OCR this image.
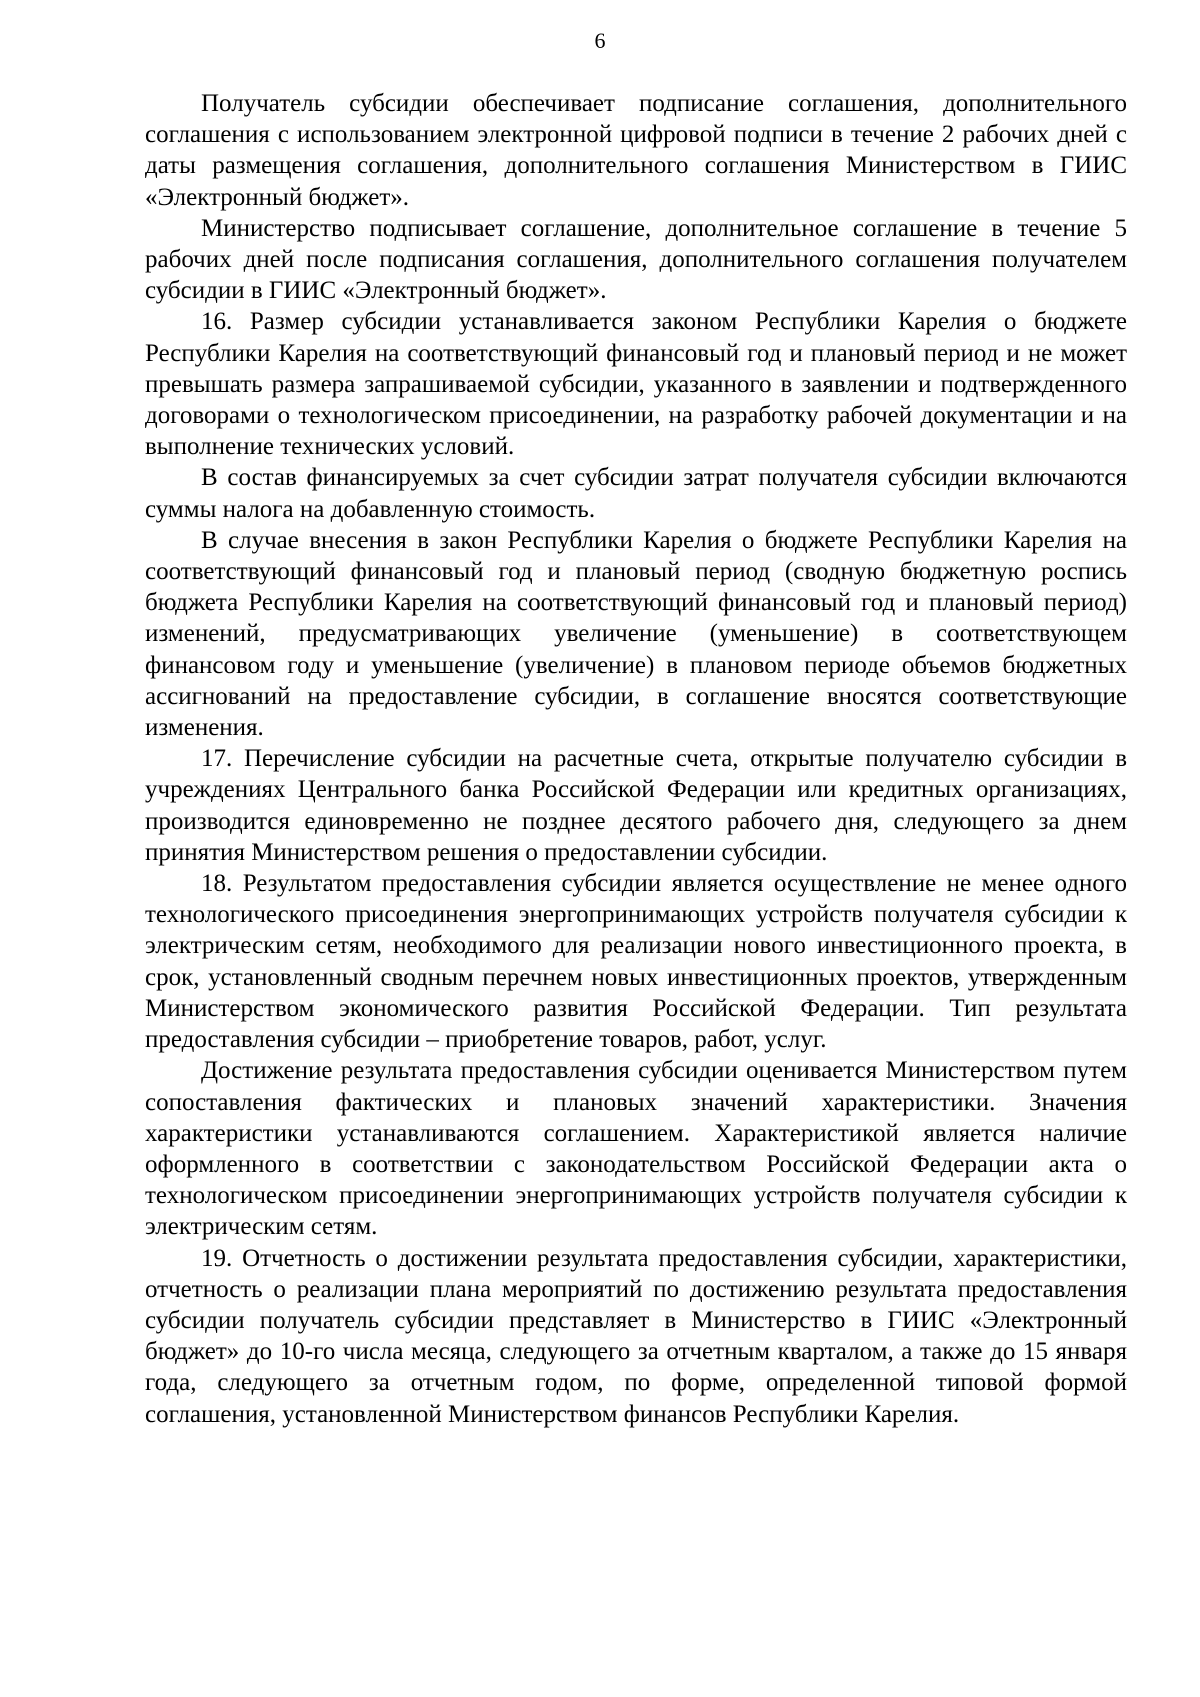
6

Получатель субсидии обеспечивает подписание соглашения, дополнительного соглашения с использованием электронной цифровой подписи в течение 2 рабочих дней с даты размещения соглашения, дополнительного соглашения Министерством в ГИИС «Электронный бюджет».

Министерство подписывает соглашение, дополнительное соглашение в течение 5 рабочих дней после подписания соглашения, дополнительного соглашения получателем субсидии в ГИИС «Электронный бюджет».

16. Размер субсидии устанавливается законом Республики Карелия о бюджете Республики Карелия на соответствующий финансовый год и плановый период и не может превышать размера запрашиваемой субсидии, указанного в заявлении и подтвержденного договорами о технологическом присоединении, на разработку рабочей документации и на выполнение технических условий.

В состав финансируемых за счет субсидии затрат получателя субсидии включаются суммы налога на добавленную стоимость.

В случае внесения в закон Республики Карелия о бюджете Республики Карелия на соответствующий финансовый год и плановый период (сводную бюджетную роспись бюджета Республики Карелия на соответствующий финансовый год и плановый период) изменений, предусматривающих увеличение (уменьшение) в соответствующем финансовом году и уменьшение (увеличение) в плановом периоде объемов бюджетных ассигнований на предоставление субсидии, в соглашение вносятся соответствующие изменения.

17. Перечисление субсидии на расчетные счета, открытые получателю субсидии в учреждениях Центрального банка Российской Федерации или кредитных организациях, производится единовременно не позднее десятого рабочего дня, следующего за днем принятия Министерством решения о предоставлении субсидии.

18. Результатом предоставления субсидии является осуществление не менее одного технологического присоединения энергопринимающих устройств получателя субсидии к электрическим сетям, необходимого для реализации нового инвестиционного проекта, в срок, установленный сводным перечнем новых инвестиционных проектов, утвержденным Министерством экономического развития Российской Федерации. Тип результата предоставления субсидии – приобретение товаров, работ, услуг.

Достижение результата предоставления субсидии оценивается Министерством путем сопоставления фактических и плановых значений характеристики. Значения характеристики устанавливаются соглашением. Характеристикой является наличие оформленного в соответствии с законодательством Российской Федерации акта о технологическом присоединении энергопринимающих устройств получателя субсидии к электрическим сетям.

19. Отчетность о достижении результата предоставления субсидии, характеристики, отчетность о реализации плана мероприятий по достижению результата предоставления субсидии получатель субсидии представляет в Министерство в ГИИС «Электронный бюджет» до 10-го числа месяца, следующего за отчетным кварталом, а также до 15 января года, следующего за отчетным годом, по форме, определенной типовой формой соглашения, установленной Министерством финансов Республики Карелия.
